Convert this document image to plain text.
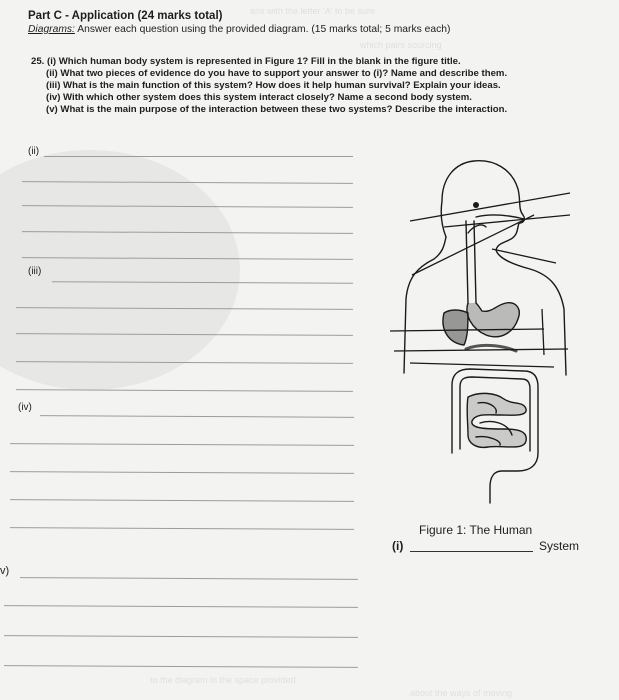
ans with the letter 'A' to be sure
which pairs sourcing
to the diagram in the space provided
about the ways of moving
Part C - Application (24 marks total)
Diagrams: Answer each question using the provided diagram. (15 marks total; 5 marks each)
25. (i) Which human body system is represented in Figure 1? Fill in the blank in the figure title.
(ii) What two pieces of evidence do you have to support your answer to (i)? Name and describe them.
(iii) What is the main function of this system? How does it help human survival? Explain your ideas.
(iv) With which other system does this system interact closely? Name a second body system.
(v) What is the main purpose of the interaction between these two systems? Describe the interaction.
(ii)
(iii)
(iv)
v)
Figure 1: The Human
(i)	System
